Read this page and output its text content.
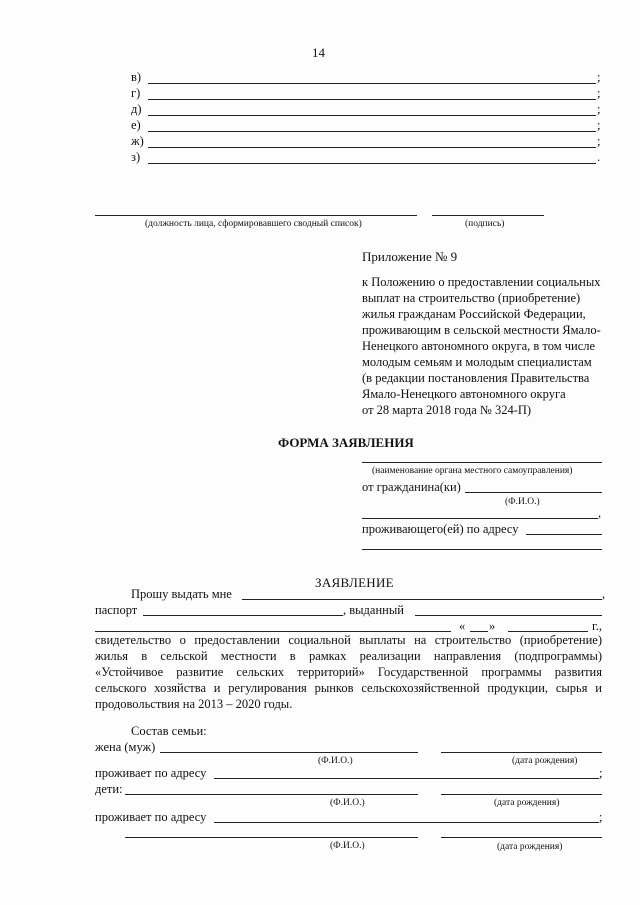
14
в)	;
г)	;
д)	;
е)	;
ж)	;
з)	.
(должность лица, сформировавшего сводный список)	(подпись)
Приложение № 9
к Положению о предоставлении социальных
выплат на строительство (приобретение)
жилья гражданам Российской Федерации,
проживающим в сельской местности Ямало-
Ненецкого автономного округа, в том числе
молодым семьям и молодым специалистам
(в редакции постановления Правительства
Ямало-Ненецкого автономного округа
от 28 марта 2018 года № 324-П)
ФОРМА ЗАЯВЛЕНИЯ
(наименование органа местного самоуправления)
от гражданина(ки)
(Ф.И.О.)
,
проживающего(ей) по адресу
ЗАЯВЛЕНИЕ
Прошу выдать мне	,
паспорт	, выданный
« »	г.,
свидетельство о предоставлении социальной выплаты на строительство (приобретение)
жилья в сельской местности в рамках реализации направления (подпрограммы)
«Устойчивое развитие сельских территорий» Государственной программы развития
сельского хозяйства и регулирования рынков сельскохозяйственной продукции, сырья и
продовольствия на 2013 – 2020 годы.
Состав семьи:
жена (муж)
(Ф.И.О.)	(дата рождения)
проживает по адресу	;
дети:
(Ф.И.О.)	(дата рождения)
проживает по адресу	;
(Ф.И.О.)	(дата рождения)
